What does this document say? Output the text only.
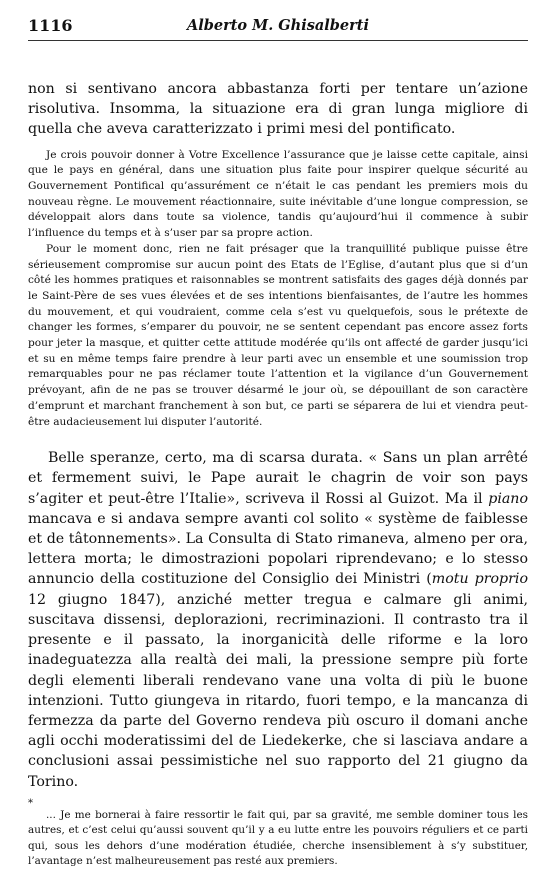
1116	Alberto M. Ghisalberti

non si sentivano ancora abbastanza forti per tentare un’azione risolutiva. Insomma, la situazione era di gran lunga migliore di quella che aveva caratterizzato i primi mesi del pontificato.

Je crois pouvoir donner à Votre Excellence l’assurance que je laisse cette capitale, ainsi que le pays en général, dans une situation plus faite pour inspirer quelque sécurité au Gouvernement Pontifical qu’assurément ce n’était le cas pendant les premiers mois du nouveau règne. Le mouvement réactionnaire, suite inévitable d’une longue compression, se développait alors dans toute sa violence, tandis qu’aujourd’hui il commence à subir l’influence du temps et à s’user par sa propre action.

Pour le moment donc, rien ne fait présager que la tranquillité publique puisse être sérieusement compromise sur aucun point des Etats de l’Eglise, d’autant plus que si d’un côté les hommes pratiques et raisonnables se montrent satisfaits des gages déjà donnés par le Saint-Père de ses vues élevées et de ses intentions bienfaisantes, de l’autre les hommes du mouvement, et qui voudraient, comme cela s’est vu quelquefois, sous le prétexte de changer les formes, s’emparer du pouvoir, ne se sentent cependant pas encore assez forts pour jeter la masque, et quitter cette attitude modérée qu’ils ont affecté de garder jusqu’ici et su en même temps faire prendre à leur parti avec un ensemble et une soumission trop remarquables pour ne pas réclamer toute l’attention et la vigilance d’un Gouvernement prévoyant, afin de ne pas se trouver désarmé le jour où, se dépouillant de son caractère d’emprunt et marchant franchement à son but, ce parti se séparera de lui et viendra peut-être audacieusement lui disputer l’autorité.

Belle speranze, certo, ma di scarsa durata. « Sans un plan arrêté et fermement suivi, le Pape aurait le chagrin de voir son pays s’agiter et peut-être l’Italie», scriveva il Rossi al Guizot. Ma il piano mancava e si andava sempre avanti col solito « système de faiblesse et de tâtonnements». La Consulta di Stato rimaneva, almeno per ora, lettera morta; le dimostrazioni popolari riprendevano; e lo stesso annuncio della costituzione del Consiglio dei Ministri (motu proprio 12 giugno 1847), anziché metter tregua e calmare gli animi, suscitava dissensi, deplorazioni, recriminazioni. Il contrasto tra il presente e il passato, la inorganicità delle riforme e la loro inadeguatezza alla realtà dei mali, la pressione sempre più forte degli elementi liberali rendevano vane una volta di più le buone intenzioni. Tutto giungeva in ritardo, fuori tempo, e la mancanza di fermezza da parte del Governo rendeva più oscuro il domani anche agli occhi moderatissimi del de Liedekerke, che si lasciava andare a conclusioni assai pessimistiche nel suo rapporto del 21 giugno da Torino.

*

... Je me bornerai à faire ressortir le fait qui, par sa gravité, me semble dominer tous les autres, et c’est celui qu’aussi souvent qu’il y a eu lutte entre les pouvoirs réguliers et ce parti qui, sous les dehors d’une modération étudiée, cherche insensiblement à s’y substituer, l’avantage n’est malheureusement pas resté aux premiers.
